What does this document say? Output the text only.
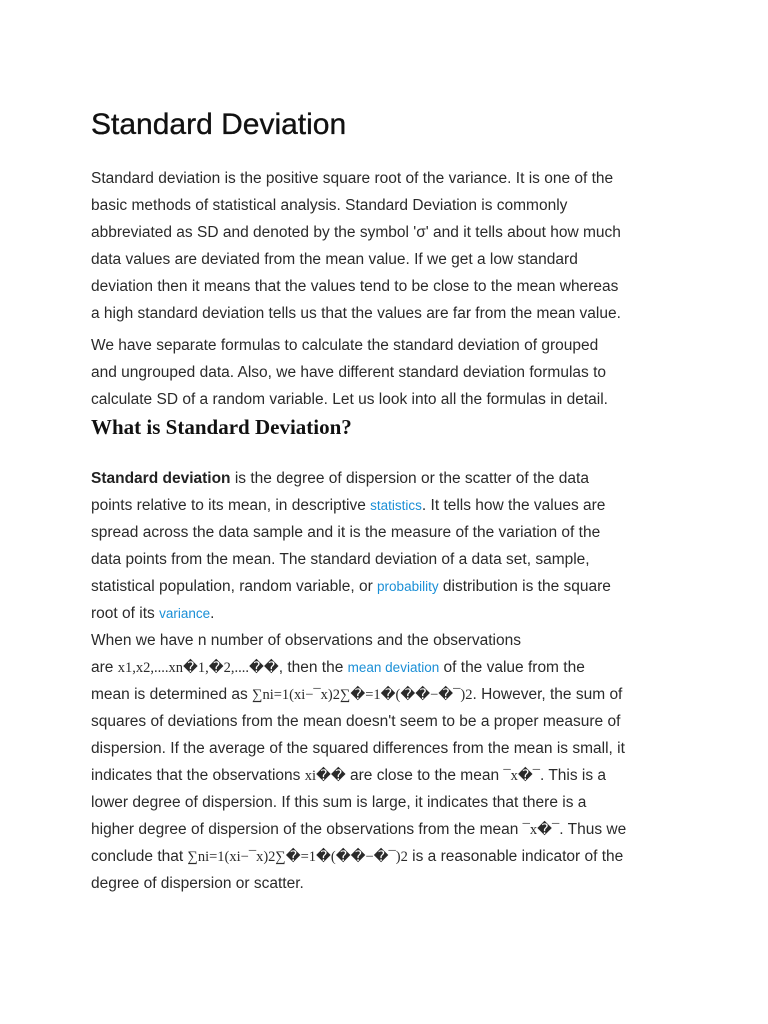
Standard Deviation

Standard deviation is the positive square root of the variance. It is one of the
basic methods of statistical analysis. Standard Deviation is commonly
abbreviated as SD and denoted by the symbol 'σ' and it tells about how much
data values are deviated from the mean value. If we get a low standard
deviation then it means that the values tend to be close to the mean whereas
a high standard deviation tells us that the values are far from the mean value.

We have separate formulas to calculate the standard deviation of grouped
and ungrouped data. Also, we have different standard deviation formulas to
calculate SD of a random variable. Let us look into all the formulas in detail.

What is Standard Deviation?

Standard deviation is the degree of dispersion or the scatter of the data
points relative to its mean, in descriptive statistics. It tells how the values are
spread across the data sample and it is the measure of the variation of the
data points from the mean. The standard deviation of a data set, sample,
statistical population, random variable, or probability distribution is the square
root of its variance.
When we have n number of observations and the observations
are x1,x2,....xn�1,�2,....��, then the mean deviation of the value from the
mean is determined as ∑ni=1(xi−¯x)2∑�=1�(��−�¯)2. However, the sum of
squares of deviations from the mean doesn't seem to be a proper measure of
dispersion. If the average of the squared differences from the mean is small, it
indicates that the observations xi�� are close to the mean ¯x�¯. This is a
lower degree of dispersion. If this sum is large, it indicates that there is a
higher degree of dispersion of the observations from the mean ¯x�¯. Thus we
conclude that ∑ni=1(xi−¯x)2∑�=1�(��−�¯)2 is a reasonable indicator of the
degree of dispersion or scatter.
